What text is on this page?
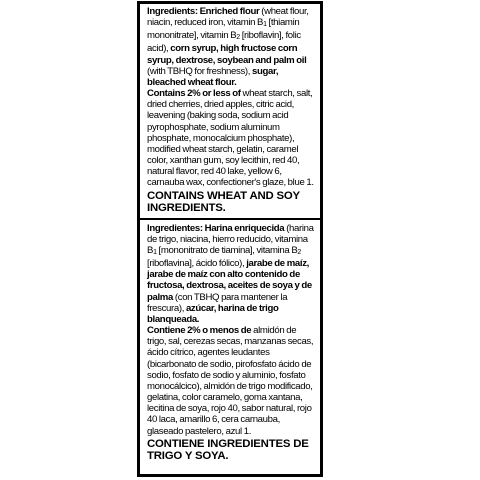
Ingredients: Enriched flour (wheat flour, niacin, reduced iron, vitamin B1 [thiamin mononitrate], vitamin B2 [riboflavin], folic acid), corn syrup, high fructose corn syrup, dextrose, soybean and palm oil (with TBHQ for freshness), sugar, bleached wheat flour.

Contains 2% or less of wheat starch, salt, dried cherries, dried apples, citric acid, leavening (baking soda, sodium acid pyrophosphate, sodium aluminum phosphate, monocalcium phosphate), modified wheat starch, gelatin, caramel color, xanthan gum, soy lecithin, red 40, natural flavor, red 40 lake, yellow 6, carnauba wax, confectioner's glaze, blue 1.

CONTAINS WHEAT AND SOY INGREDIENTS.

Ingredientes: Harina enriquecida (harina de trigo, niacina, hierro reducido, vitamina B1 [mononitrato de tiamina], vitamina B2 [riboflavina], ácido fólico), jarabe de maíz, jarabe de maíz con alto contenido de fructosa, dextrosa, aceites de soya y de palma (con TBHQ para mantener la frescura), azúcar, harina de trigo blanqueada.

Contiene 2% o menos de almidón de trigo, sal, cerezas secas, manzanas secas, ácido cítrico, agentes leudantes (bicarbonato de sodio, pirofosfato ácido de sodio, fosfato de sodio y aluminio, fosfato monocálcico), almidón de trigo modificado, gelatina, color caramelo, goma xantana, lecitina de soya, rojo 40, sabor natural, rojo 40 laca, amarillo 6, cera carnauba, glaseado pastelero, azul 1.

CONTIENE INGREDIENTES DE TRIGO Y SOYA.
